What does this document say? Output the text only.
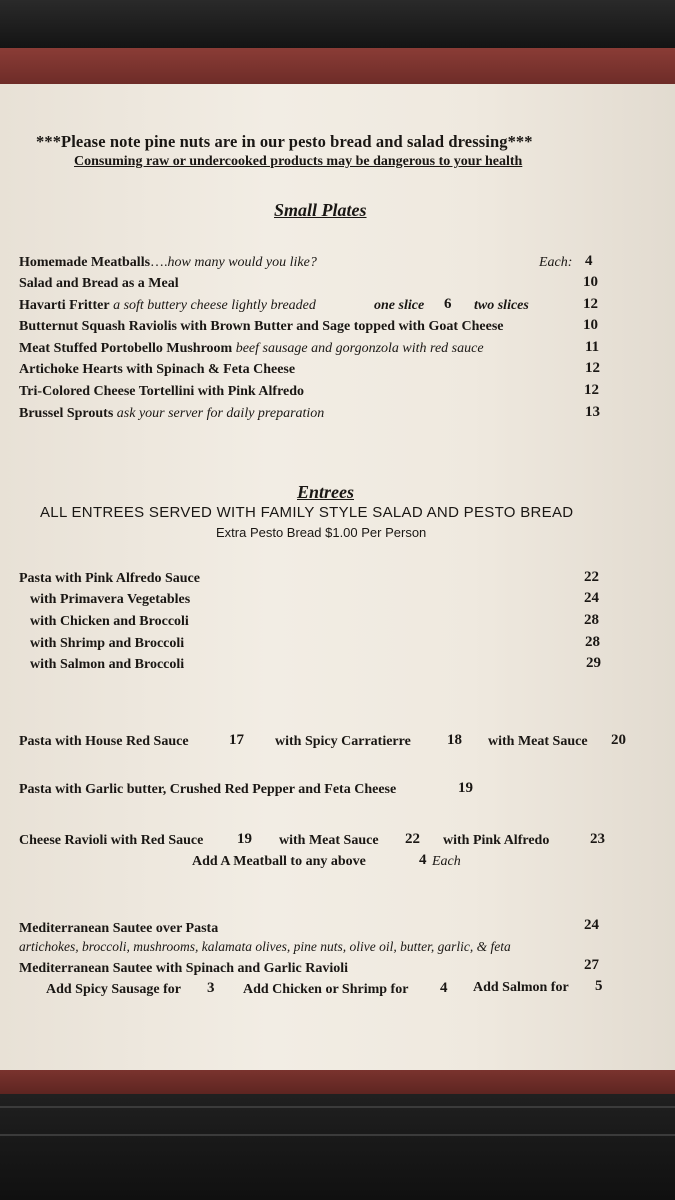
***Please note pine nuts are in our pesto bread and salad dressing***
Consuming raw or undercooked products may be dangerous to your health
Small Plates
Homemade Meatballs….how many would you like?	Each: 4
Salad and Bread as a Meal	10
Havarti Fritter a soft buttery cheese lightly breaded	one slice 6 two slices	12
Butternut Squash Raviolis with Brown Butter and Sage topped with Goat Cheese	10
Meat Stuffed Portobello Mushroom beef sausage and gorgonzola with red sauce	11
Artichoke Hearts with Spinach & Feta Cheese	12
Tri-Colored Cheese Tortellini with Pink Alfredo	12
Brussel Sprouts ask your server for daily preparation	13
Entrees
ALL ENTREES SERVED WITH FAMILY STYLE SALAD AND PESTO BREAD
Extra Pesto Bread $1.00 Per Person
Pasta with Pink Alfredo Sauce	22
with Primavera Vegetables	24
with Chicken and Broccoli	28
with Shrimp and Broccoli	28
with Salmon and Broccoli	29
Pasta with House Red Sauce	17 with Spicy Carratierre 18 with Meat Sauce 20
Pasta with Garlic butter, Crushed Red Pepper and Feta Cheese	19
Cheese Ravioli with Red Sauce 19 with Meat Sauce 22 with Pink Alfredo	23
Add A Meatball to any above	4 Each
Mediterranean Sautee over Pasta	24
artichokes, broccoli, mushrooms, kalamata olives, pine nuts, olive oil, butter, garlic, & feta
Mediterranean Sautee with Spinach and Garlic Ravioli	27
Add Spicy Sausage for 3 Add Chicken or Shrimp for 4 Add Salmon for 5
